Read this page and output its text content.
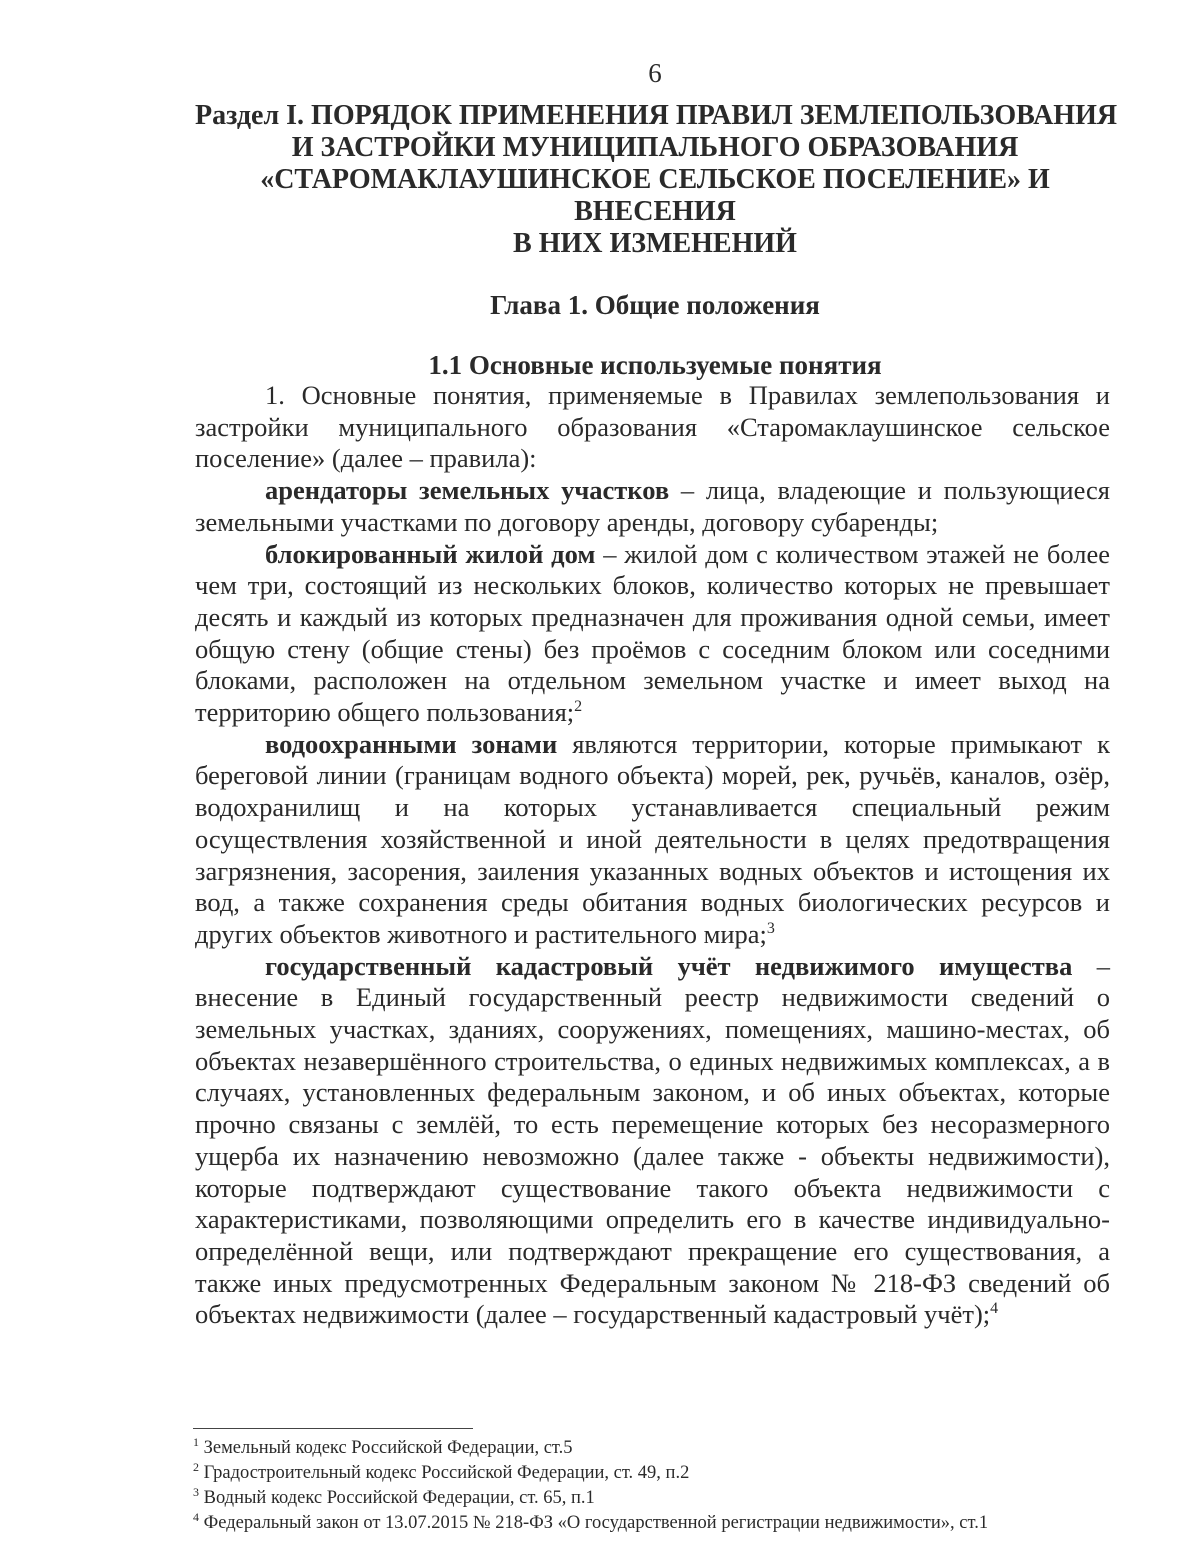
6
Раздел I. ПОРЯДОК ПРИМЕНЕНИЯ ПРАВИЛ ЗЕМЛЕПОЛЬЗОВАНИЯ
И ЗАСТРОЙКИ МУНИЦИПАЛЬНОГО ОБРАЗОВАНИЯ
«СТАРОМАКЛАУШИНСКОЕ СЕЛЬСКОЕ ПОСЕЛЕНИЕ» И
ВНЕСЕНИЯ
В НИХ ИЗМЕНЕНИЙ
Глава 1. Общие положения
1.1 Основные используемые понятия

1. Основные понятия, применяемые в Правилах землепользования и застройки муниципального образования «Старомаклаушинское сельское поселение» (далее – правила):

арендаторы земельных участков – лица, владеющие и пользующиеся земельными участками по договору аренды, договору субаренды;

блокированный жилой дом – жилой дом с количеством этажей не более чем три, состоящий из нескольких блоков, количество которых не превышает десять и каждый из которых предназначен для проживания одной семьи, имеет общую стену (общие стены) без проёмов с соседним блоком или соседними блоками, расположен на отдельном земельном участке и имеет выход на территорию общего пользования;$^2$

водоохранными зонами являются территории, которые примыкают к береговой линии (границам водного объекта) морей, рек, ручьёв, каналов, озёр, водохранилищ и на которых устанавливается специальный режим осуществления хозяйственной и иной деятельности в целях предотвращения загрязнения, засорения, заиления указанных водных объектов и истощения их вод, а также сохранения среды обитания водных биологических ресурсов и других объектов животного и растительного мира;$^3$

государственный кадастровый учёт недвижимого имущества – внесение в Единый государственный реестр недвижимости сведений о земельных участках, зданиях, сооружениях, помещениях, машино-местах, об объектах незавершённого строительства, о единых недвижимых комплексах, а в случаях, установленных федеральным законом, и об иных объектах, которые прочно связаны с землёй, то есть перемещение которых без несоразмерного ущерба их назначению невозможно (далее также - объекты недвижимости), которые подтверждают существование такого объекта недвижимости с характеристиками, позволяющими определить его в качестве индивидуально-определённой вещи, или подтверждают прекращение его существования, а также иных предусмотренных Федеральным законом № 218-ФЗ сведений об объектах недвижимости (далее – государственный кадастровый учёт);$^4$

$^1$ Земельный кодекс Российской Федерации, ст.5
$^2$ Градостроительный кодекс Российской Федерации, ст. 49, п.2
$^3$ Водный кодекс Российской Федерации, ст. 65, п.1
$^4$ Федеральный закон от 13.07.2015 № 218-ФЗ «О государственной регистрации недвижимости», ст.1
